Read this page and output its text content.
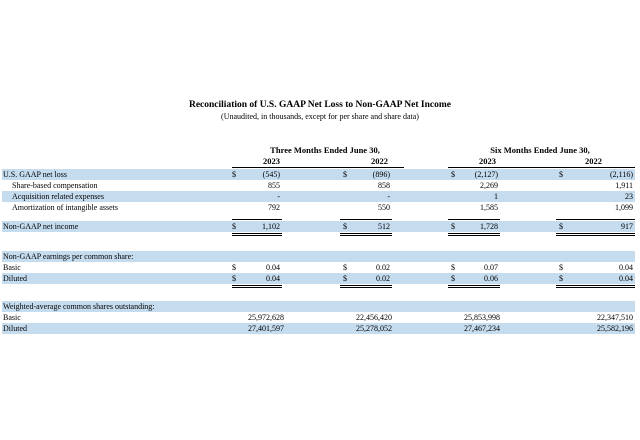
Reconciliation of U.S. GAAP Net Loss to Non-GAAP Net Income
(Unaudited, in thousands, except for per share and share data)
Three Months Ended June 30,	Six Months Ended June 30,
2023	2022	2023	2022
U.S. GAAP net loss	$	(545)	$	(896)	$	(2,127)	$	(2,116)
Share-based compensation	855	858	2,269	1,911
Acquisition related expenses	-	-	1	23
Amortization of intangible assets	792	550	1,585	1,099
Non-GAAP net income	$	1,102	$	512	$	1,728	$	917
Non-GAAP earnings per common share:
Basic	$	0.04	$	0.02	$	0.07	$	0.04
Diluted	$	0.04	$	0.02	$	0.06	$	0.04
Weighted-average common shares outstanding:
Basic	25,972,628	22,456,420	25,853,998	22,347,510
Diluted	27,401,597	25,278,052	27,467,234	25,582,196
